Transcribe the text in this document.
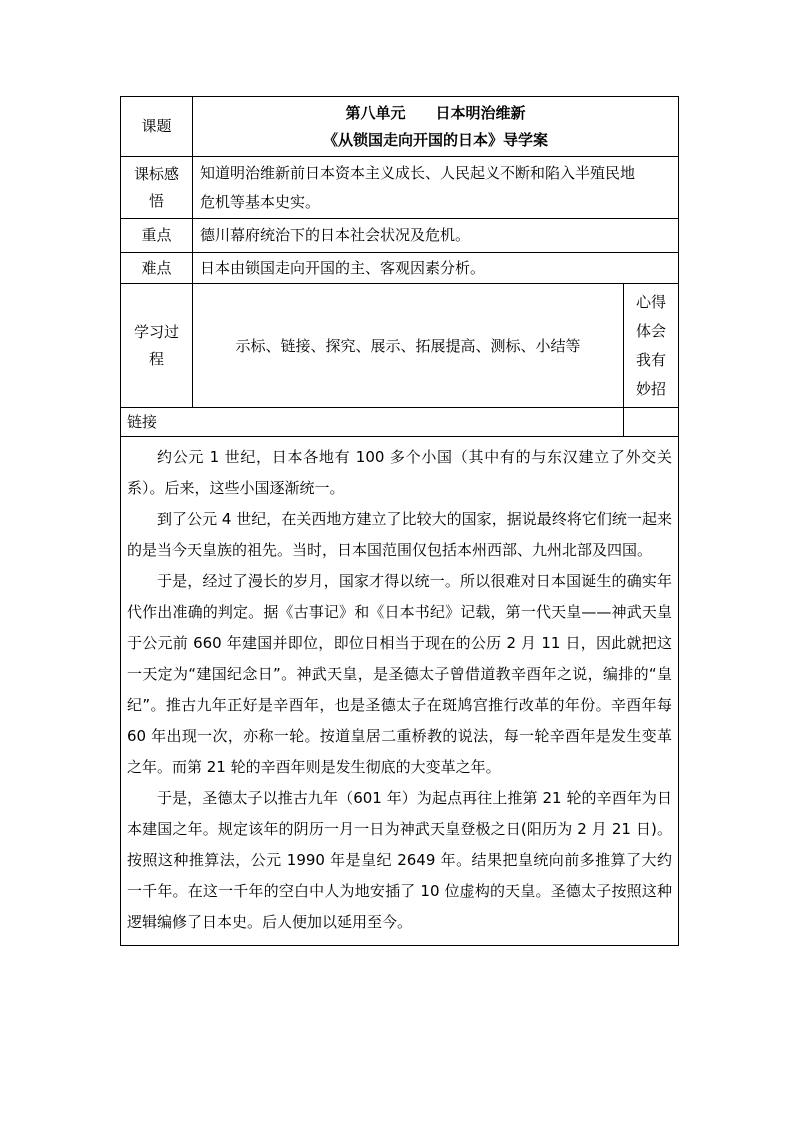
课题	第八单元 日本明治维新
《从锁国走向开国的日本》导学案	

课标感
悟	知道明治维新前日本资本主义成长、人民起义不断和陷入半殖民地
危机等基本史实。	

重点	德川幕府统治下的日本社会状况及危机。	
难点	日本由锁国走向开国的主、客观因素分析。	

学习过
程	示标、链接、探究、展示、拓展提高、测标、小结等	心得
体会
我有
妙招

链接		

约公元 1 世纪，日本各地有 100 多个小国（其中有的与东汉建立了外交关系）。后来，这些小国逐渐统一。

到了公元 4 世纪，在关西地方建立了比较大的国家，据说最终将它们统一起来的是当今天皇族的祖先。当时，日本国范围仅包括本州西部、九州北部及四国。

于是，经过了漫长的岁月，国家才得以统一。所以很难对日本国诞生的确实年代作出准确的判定。据《古事记》和《日本书纪》记载，第一代天皇——神武天皇于公元前 660 年建国并即位，即位日相当于现在的公历 2 月 11 日，因此就把这一天定为“建国纪念日”。神武天皇，是圣德太子曾借道教辛酉年之说，编排的“皇纪”。推古九年正好是辛酉年，也是圣德太子在斑鸠宫推行改革的年份。辛酉年每 60 年出现一次，亦称一轮。按道皇居二重桥教的说法，每一轮辛酉年是发生变革之年。而第 21 轮的辛酉年则是发生彻底的大变革之年。

于是，圣德太子以推古九年（601 年）为起点再往上推第 21 轮的辛酉年为日本建国之年。规定该年的阴历一月一日为神武天皇登极之日(阳历为 2 月 21 日)。按照这种推算法，公元 1990 年是皇纪 2649 年。结果把皇统向前多推算了大约一千年。在这一千年的空白中人为地安插了 10 位虚构的天皇。圣德太子按照这种逻辑编修了日本史。后人便加以延用至今。		
